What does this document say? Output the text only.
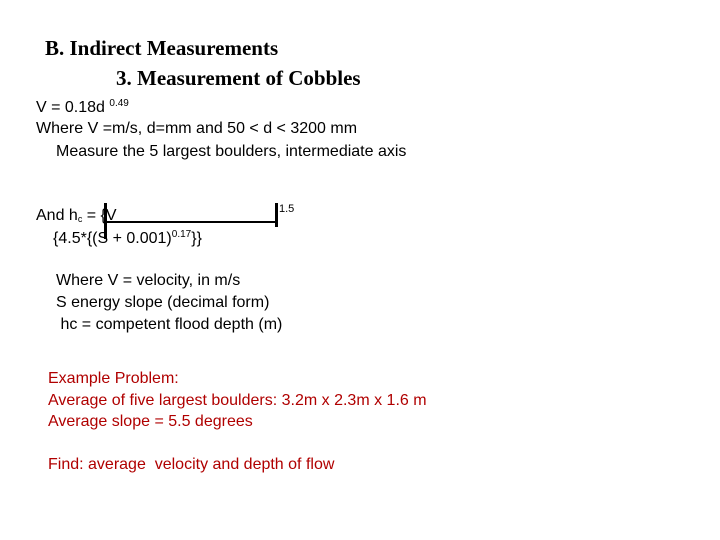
B. Indirect Measurements
3. Measurement of Cobbles
V = 0.18d $^{0.49}$
Where V =m/s, d=mm and 50 < d < 3200 mm
Measure the 5 largest boulders, intermediate axis
And $h_c = \{V$	1.5
$\{4.5*\{(S + 0.001)^{0.17}\}\}$
Where V = velocity, in m/s
S energy slope (decimal form)
hc = competent flood depth (m)
Example Problem:
Average of five largest boulders: 3.2m x 2.3m x 1.6 m
Average slope = 5.5 degrees
Find: average  velocity and depth of flow
